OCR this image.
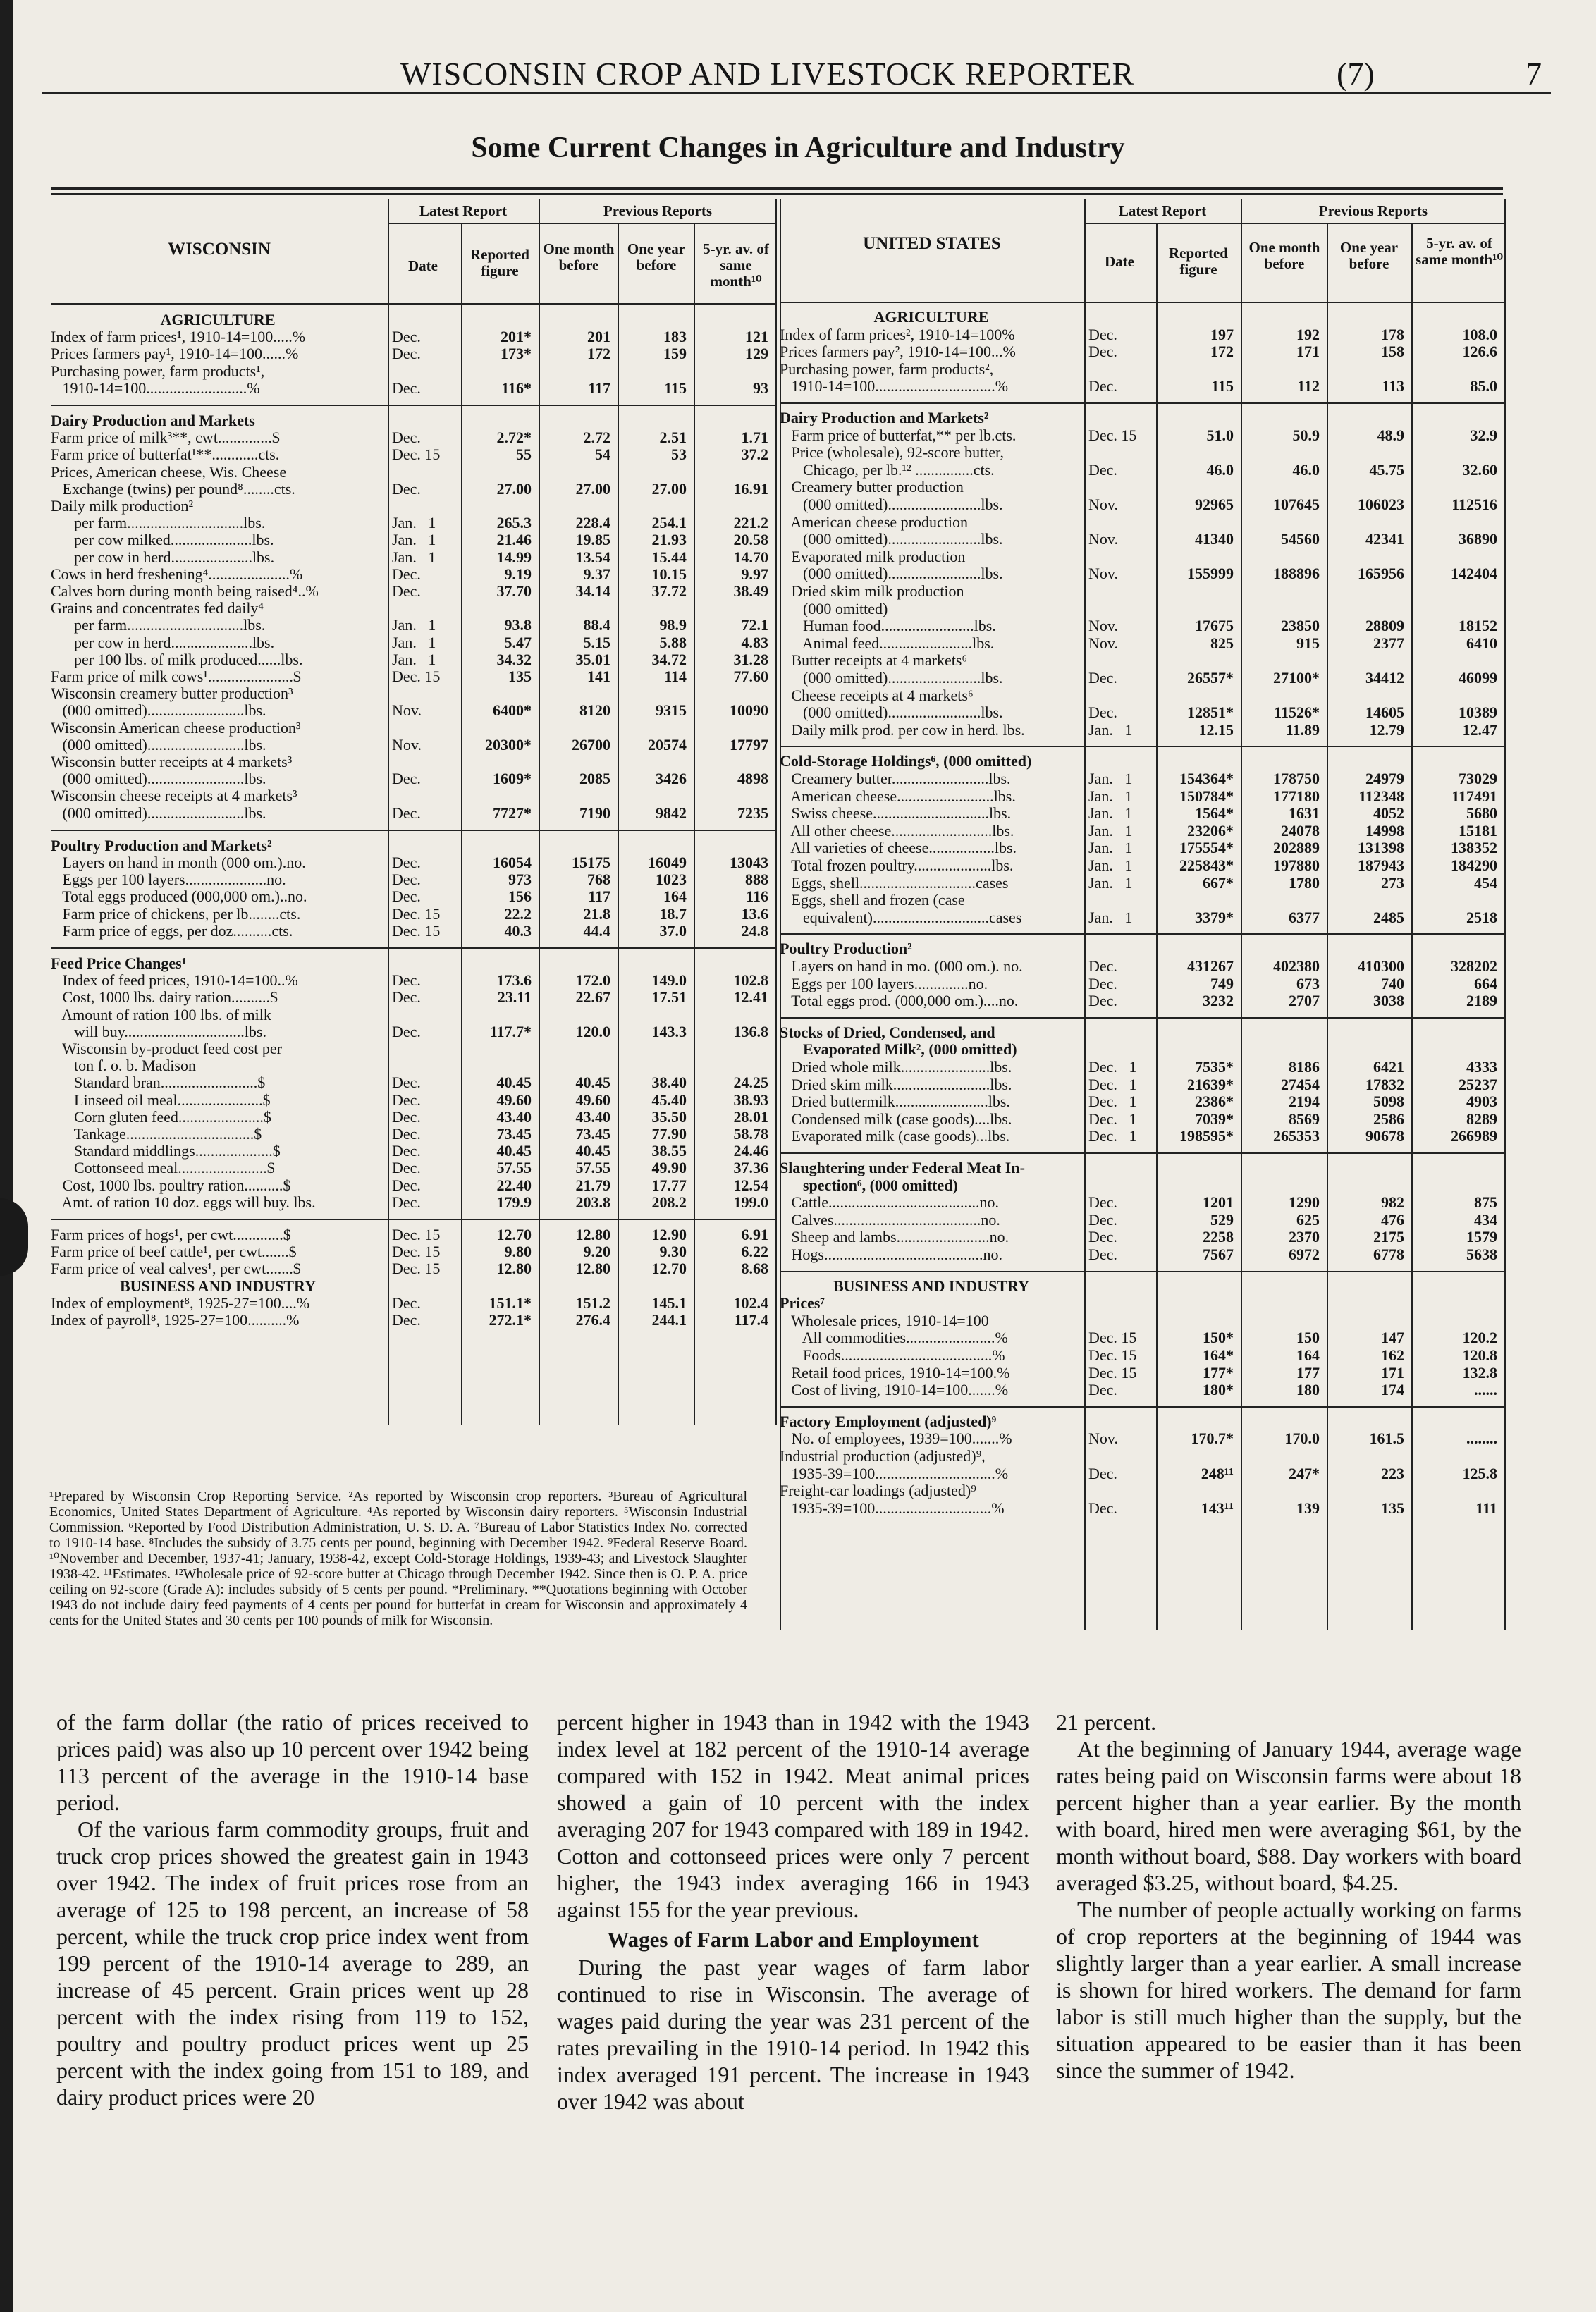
WISCONSIN CROP AND LIVESTOCK REPORTER	(7)	7
Some Current Changes in Agriculture and Industry
WISCONSIN
Latest Report	Previous Reports
Date
Reported figure
One month before
One year before
5-yr. av. of same month¹⁰
AGRICULTURE
Index of farm prices¹, 1910-14=100.....%	Dec.	201*	201	183	121
Prices farmers pay¹, 1910-14=100......%	Dec.	173*	172	159	129
Purchasing power, farm products¹,
1910-14=100..........................%	Dec.	116*	117	115	93
Dairy Production and Markets
Farm price of milk³**, cwt..............$	Dec.	2.72*	2.72	2.51	1.71
Farm price of butterfat¹**............cts.	Dec. 15	55	54	53	37.2
Prices, American cheese, Wis. Cheese
Exchange (twins) per pound⁸........cts.	Dec.	27.00	27.00	27.00	16.91
Daily milk production²
per farm..............................lbs.	Jan.   1	265.3	228.4	254.1	221.2
per cow milked.....................lbs.	Jan.   1	21.46	19.85	21.93	20.58
per cow in herd.....................lbs.	Jan.   1	14.99	13.54	15.44	14.70
Cows in herd freshening⁴.....................%	Dec.	9.19	9.37	10.15	9.97
Calves born during month being raised⁴..%	Dec.	37.70	34.14	37.72	38.49
Grains and concentrates fed daily⁴
per farm..............................lbs.	Jan.   1	93.8	88.4	98.9	72.1
per cow in herd.....................lbs.	Jan.   1	5.47	5.15	5.88	4.83
per 100 lbs. of milk produced......lbs.	Jan.   1	34.32	35.01	34.72	31.28
Farm price of milk cows¹......................$	Dec. 15	135	141	114	77.60
Wisconsin creamery butter production³
(000 omitted).........................lbs.	Nov.	6400*	8120	9315	10090
Wisconsin American cheese production³
(000 omitted).........................lbs.	Nov.	20300*	26700	20574	17797
Wisconsin butter receipts at 4 markets³
(000 omitted).........................lbs.	Dec.	1609*	2085	3426	4898
Wisconsin cheese receipts at 4 markets³
(000 omitted).........................lbs.	Dec.	7727*	7190	9842	7235
Poultry Production and Markets²
Layers on hand in month (000 om.).no.	Dec.	16054	15175	16049	13043
Eggs per 100 layers.....................no.	Dec.	973	768	1023	888
Total eggs produced (000,000 om.)..no.	Dec.	156	117	164	116
Farm price of chickens, per lb........cts.	Dec. 15	22.2	21.8	18.7	13.6
Farm price of eggs, per doz..........cts.	Dec. 15	40.3	44.4	37.0	24.8
Feed Price Changes¹
Index of feed prices, 1910-14=100..%	Dec.	173.6	172.0	149.0	102.8
Cost, 1000 lbs. dairy ration..........$	Dec.	23.11	22.67	17.51	12.41
Amount of ration 100 lbs. of milk
will buy...............................lbs.	Dec.	117.7*	120.0	143.3	136.8
Wisconsin by-product feed cost per
ton f. o. b. Madison
Standard bran.........................$	Dec.	40.45	40.45	38.40	24.25
Linseed oil meal......................$	Dec.	49.60	49.60	45.40	38.93
Corn gluten feed......................$	Dec.	43.40	43.40	35.50	28.01
Tankage.................................$	Dec.	73.45	73.45	77.90	58.78
Standard middlings....................$	Dec.	40.45	40.45	38.55	24.46
Cottonseed meal.......................$	Dec.	57.55	57.55	49.90	37.36
Cost, 1000 lbs. poultry ration..........$	Dec.	22.40	21.79	17.77	12.54
Amt. of ration 10 doz. eggs will buy. lbs.	Dec.	179.9	203.8	208.2	199.0
Farm prices of hogs¹, per cwt.............$	Dec. 15	12.70	12.80	12.90	6.91
Farm price of beef cattle¹, per cwt.......$	Dec. 15	9.80	9.20	9.30	6.22
Farm price of veal calves¹, per cwt.......$	Dec. 15	12.80	12.80	12.70	8.68
BUSINESS AND INDUSTRY
Index of employment⁸, 1925-27=100....%	Dec.	151.1*	151.2	145.1	102.4
Index of payroll⁸, 1925-27=100..........%	Dec.	272.1*	276.4	244.1	117.4
UNITED STATES
Latest Report	Previous Reports
Date	Reported figure
One month before
One year before
5-yr. av. of same month¹⁰
AGRICULTURE
Index of farm prices², 1910-14=100%	Dec.	197	192	178	108.0
Prices farmers pay², 1910-14=100...%	Dec.	172	171	158	126.6
Purchasing power, farm products²,
1910-14=100...............................%	Dec.	115	112	113	85.0
Dairy Production and Markets²
Farm price of butterfat,** per lb.cts.	Dec. 15	51.0	50.9	48.9	32.9
Price (wholesale), 92-score butter,
Chicago, per lb.¹² ...............cts.	Dec.	46.0	46.0	45.75	32.60
Creamery butter production
(000 omitted)........................lbs.	Nov.	92965	107645	106023	112516
American cheese production
(000 omitted)........................lbs.	Nov.	41340	54560	42341	36890
Evaporated milk production
(000 omitted)........................lbs.	Nov.	155999	188896	165956	142404
Dried skim milk production
(000 omitted)
Human food........................lbs.	Nov.	17675	23850	28809	18152
Animal feed........................lbs.	Nov.	825	915	2377	6410
Butter receipts at 4 markets⁶
(000 omitted)........................lbs.	Dec.	26557*	27100*	34412	46099
Cheese receipts at 4 markets⁶
(000 omitted)........................lbs.	Dec.	12851*	11526*	14605	10389
Daily milk prod. per cow in herd. lbs.	Jan.   1	12.15	11.89	12.79	12.47
Cold-Storage Holdings⁶, (000 omitted)
Creamery butter.........................lbs.	Jan.   1	154364*	178750	24979	73029
American cheese.........................lbs.	Jan.   1	150784*	177180	112348	117491
Swiss cheese..............................lbs.	Jan.   1	1564*	1631	4052	5680
All other cheese..........................lbs.	Jan.   1	23206*	24078	14998	15181
All varieties of cheese.................lbs.	Jan.   1	175554*	202889	131398	138352
Total frozen poultry....................lbs.	Jan.   1	225843*	197880	187943	184290
Eggs, shell..............................cases	Jan.   1	667*	1780	273	454
Eggs, shell and frozen (case
equivalent)..............................cases	Jan.   1	3379*	6377	2485	2518
Poultry Production²
Layers on hand in mo. (000 om.). no.	Dec.	431267	402380	410300	328202
Eggs per 100 layers..............no.	Dec.	749	673	740	664
Total eggs prod. (000,000 om.)....no.	Dec.	3232	2707	3038	2189
Stocks of Dried, Condensed, and
Evaporated Milk², (000 omitted)
Dried whole milk.......................lbs.	Dec.   1	7535*	8186	6421	4333
Dried skim milk.........................lbs.	Dec.   1	21639*	27454	17832	25237
Dried buttermilk........................lbs.	Dec.   1	2386*	2194	5098	4903
Condensed milk (case goods)....lbs.	Dec.   1	7039*	8569	2586	8289
Evaporated milk (case goods)...lbs.	Dec.   1	198595*	265353	90678	266989
Slaughtering under Federal Meat In-
spection⁶, (000 omitted)
Cattle.......................................no.	Dec.	1201	1290	982	875
Calves......................................no.	Dec.	529	625	476	434
Sheep and lambs........................no.	Dec.	2258	2370	2175	1579
Hogs.........................................no.	Dec.	7567	6972	6778	5638
BUSINESS AND INDUSTRY
Prices⁷
Wholesale prices, 1910-14=100
All commodities.......................%	Dec. 15	150*	150	147	120.2
Foods.......................................%	Dec. 15	164*	164	162	120.8
Retail food prices, 1910-14=100.%	Dec. 15	177*	177	171	132.8
Cost of living, 1910-14=100.......%	Dec.	180*	180	174	......
Factory Employment (adjusted)⁹
No. of employees, 1939=100.......%	Nov.	170.7*	170.0	161.5	........
Industrial production (adjusted)⁹,
1935-39=100...............................%	Dec.	248¹¹	247*	223	125.8
Freight-car loadings (adjusted)⁹
1935-39=100..............................%	Dec.	143¹¹	139	135	111
¹Prepared by Wisconsin Crop Reporting Service. ²As reported by Wisconsin crop reporters. ³Bureau of Agricultural Economics, United States Department of Agriculture. ⁴As reported by Wisconsin dairy reporters. ⁵Wisconsin Industrial Commission. ⁶Reported by Food Distribution Administration, U. S. D. A. ⁷Bureau of Labor Statistics Index No. corrected to 1910-14 base. ⁸Includes the subsidy of 3.75 cents per pound, beginning with December 1942. ⁹Federal Reserve Board. ¹⁰November and December, 1937-41; January, 1938-42, except Cold-Storage Holdings, 1939-43; and Livestock Slaughter 1938-42. ¹¹Estimates. ¹²Wholesale price of 92-score butter at Chicago through December 1942. Since then is O. P. A. price ceiling on 92-score (Grade A): includes subsidy of 5 cents per pound. *Preliminary. **Quotations beginning with October 1943 do not include dairy feed payments of 4 cents per pound for butterfat in cream for Wisconsin and approximately 4 cents for the United States and 30 cents per 100 pounds of milk for Wisconsin.

of the farm dollar (the ratio of prices received to prices paid) was also up 10 percent over 1942 being 113 percent of the average in the 1910-14 base period.

Of the various farm commodity groups, fruit and truck crop prices showed the greatest gain in 1943 over 1942. The index of fruit prices rose from an average of 125 to 198 percent, an increase of 58 percent, while the truck crop price index went from 199 percent of the 1910-14 average to 289, an increase of 45 percent. Grain prices went up 28 percent with the index rising from 119 to 152, poultry and poultry product prices went up 25 percent with the index going from 151 to 189, and dairy product prices were 20

percent higher in 1943 than in 1942 with the 1943 index level at 182 percent of the 1910-14 average compared with 152 in 1942. Meat animal prices showed a gain of 10 percent with the index averaging 207 for 1943 compared with 189 in 1942. Cotton and cottonseed prices were only 7 percent higher, the 1943 index averaging 166 in 1943 against 155 for the year previous.

Wages of Farm Labor and Employment

During the past year wages of farm labor continued to rise in Wisconsin. The average of wages paid during the year was 231 percent of the rates prevailing in the 1910-14 period. In 1942 this index averaged 191 percent. The increase in 1943 over 1942 was about

21 percent.

At the beginning of January 1944, average wage rates being paid on Wisconsin farms were about 18 percent higher than a year earlier. By the month with board, hired men were averaging $61, by the month without board, $88. Day workers with board averaged $3.25, without board, $4.25.

The number of people actually working on farms of crop reporters at the beginning of 1944 was slightly larger than a year earlier. A small increase is shown for hired workers. The demand for farm labor is still much higher than the supply, but the situation appeared to be easier than it has been since the summer of 1942.
